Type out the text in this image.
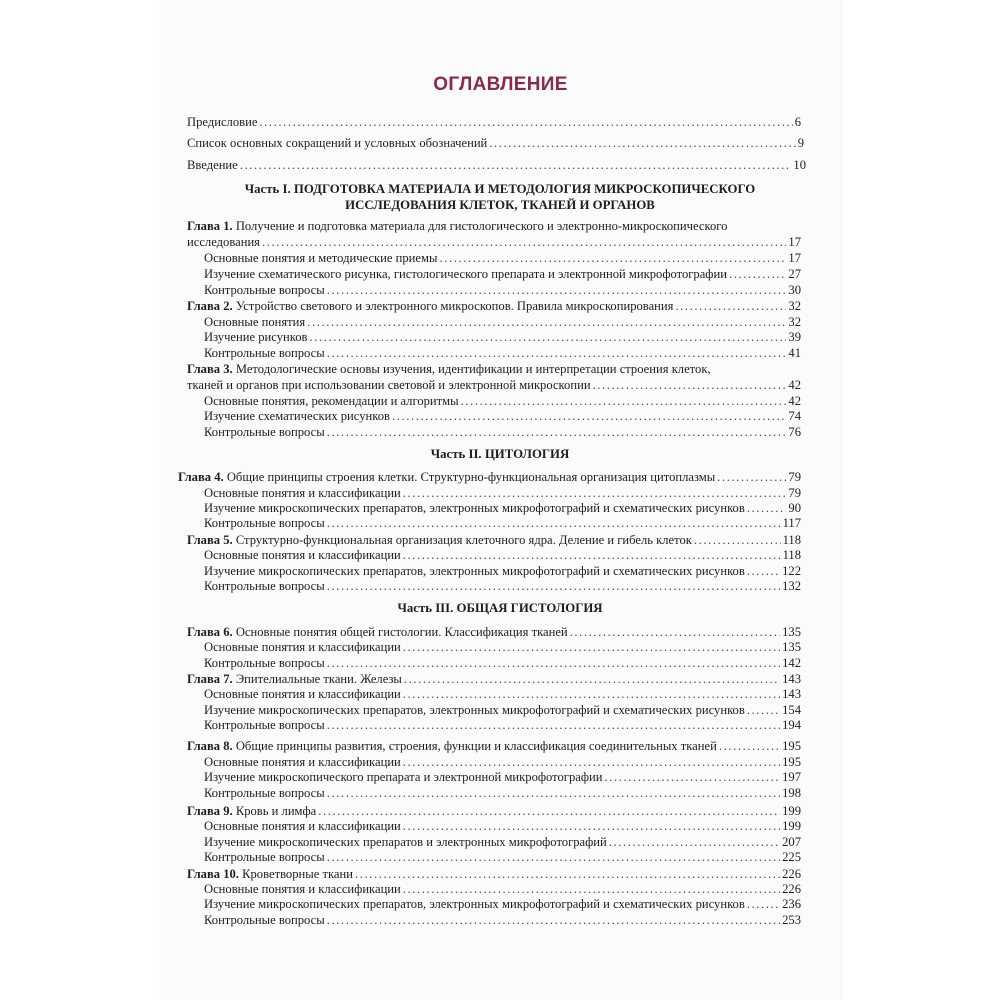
ОГЛАВЛЕНИЕ
Предисловие .....	6
Список основных сокращений и условных обозначений .....	9
Введение .....	10
Часть I. ПОДГОТОВКА МАТЕРИАЛА И МЕТОДОЛОГИЯ МИКРОСКОПИЧЕСКОГО ИССЛЕДОВАНИЯ КЛЕТОК, ТКАНЕЙ И ОРГАНОВ
Глава 1. Получение и подготовка материала для гистологического и электронно-микроскопического
исследования .....	17
Основные понятия и методические приемы .....	17
Изучение схематического рисунка, гистологического препарата и электронной микрофотографии .....	27
Контрольные вопросы .....	30
Глава 2. Устройство светового и электронного микроскопов. Правила микроскопирования .....	32
Основные понятия .....	32
Изучение рисунков .....	39
Контрольные вопросы .....	41
Глава 3. Методологические основы изучения, идентификации и интерпретации строения клеток,
тканей и органов при использовании световой и электронной микроскопии .....	42
Основные понятия, рекомендации и алгоритмы .....	42
Изучение схематических рисунков .....	74
Контрольные вопросы .....	76
Часть II. ЦИТОЛОГИЯ
Глава 4. Общие принципы строения клетки. Структурно-функциональная организация цитоплазмы .....	79
Основные понятия и классификации .....	79
Изучение микроскопических препаратов, электронных микрофотографий и схематических рисунков .....	90
Контрольные вопросы .....	117
Глава 5. Структурно-функциональная организация клеточного ядра. Деление и гибель клеток .....	118
Основные понятия и классификации .....	118
Изучение микроскопических препаратов, электронных микрофотографий и схематических рисунков .....	122
Контрольные вопросы .....	132
Часть III. ОБЩАЯ ГИСТОЛОГИЯ
Глава 6. Основные понятия общей гистологии. Классификация тканей .....	135
Основные понятия и классификации .....	135
Контрольные вопросы .....	142
Глава 7. Эпителиальные ткани. Железы .....	143
Основные понятия и классификации .....	143
Изучение микроскопических препаратов, электронных микрофотографий и схематических рисунков .....	154
Контрольные вопросы .....	194
Глава 8. Общие принципы развития, строения, функции и классификация соединительных тканей .....	195
Основные понятия и классификации .....	195
Изучение микроскопического препарата и электронной микрофотографии .....	197
Контрольные вопросы .....	198
Глава 9. Кровь и лимфа .....	199
Основные понятия и классификации .....	199
Изучение микроскопических препаратов и электронных микрофотографий .....	207
Контрольные вопросы .....	225
Глава 10. Кроветворные ткани .....	226
Основные понятия и классификации .....	226
Изучение микроскопических препаратов, электронных микрофотографий и схематических рисунков .....	236
Контрольные вопросы .....	253
